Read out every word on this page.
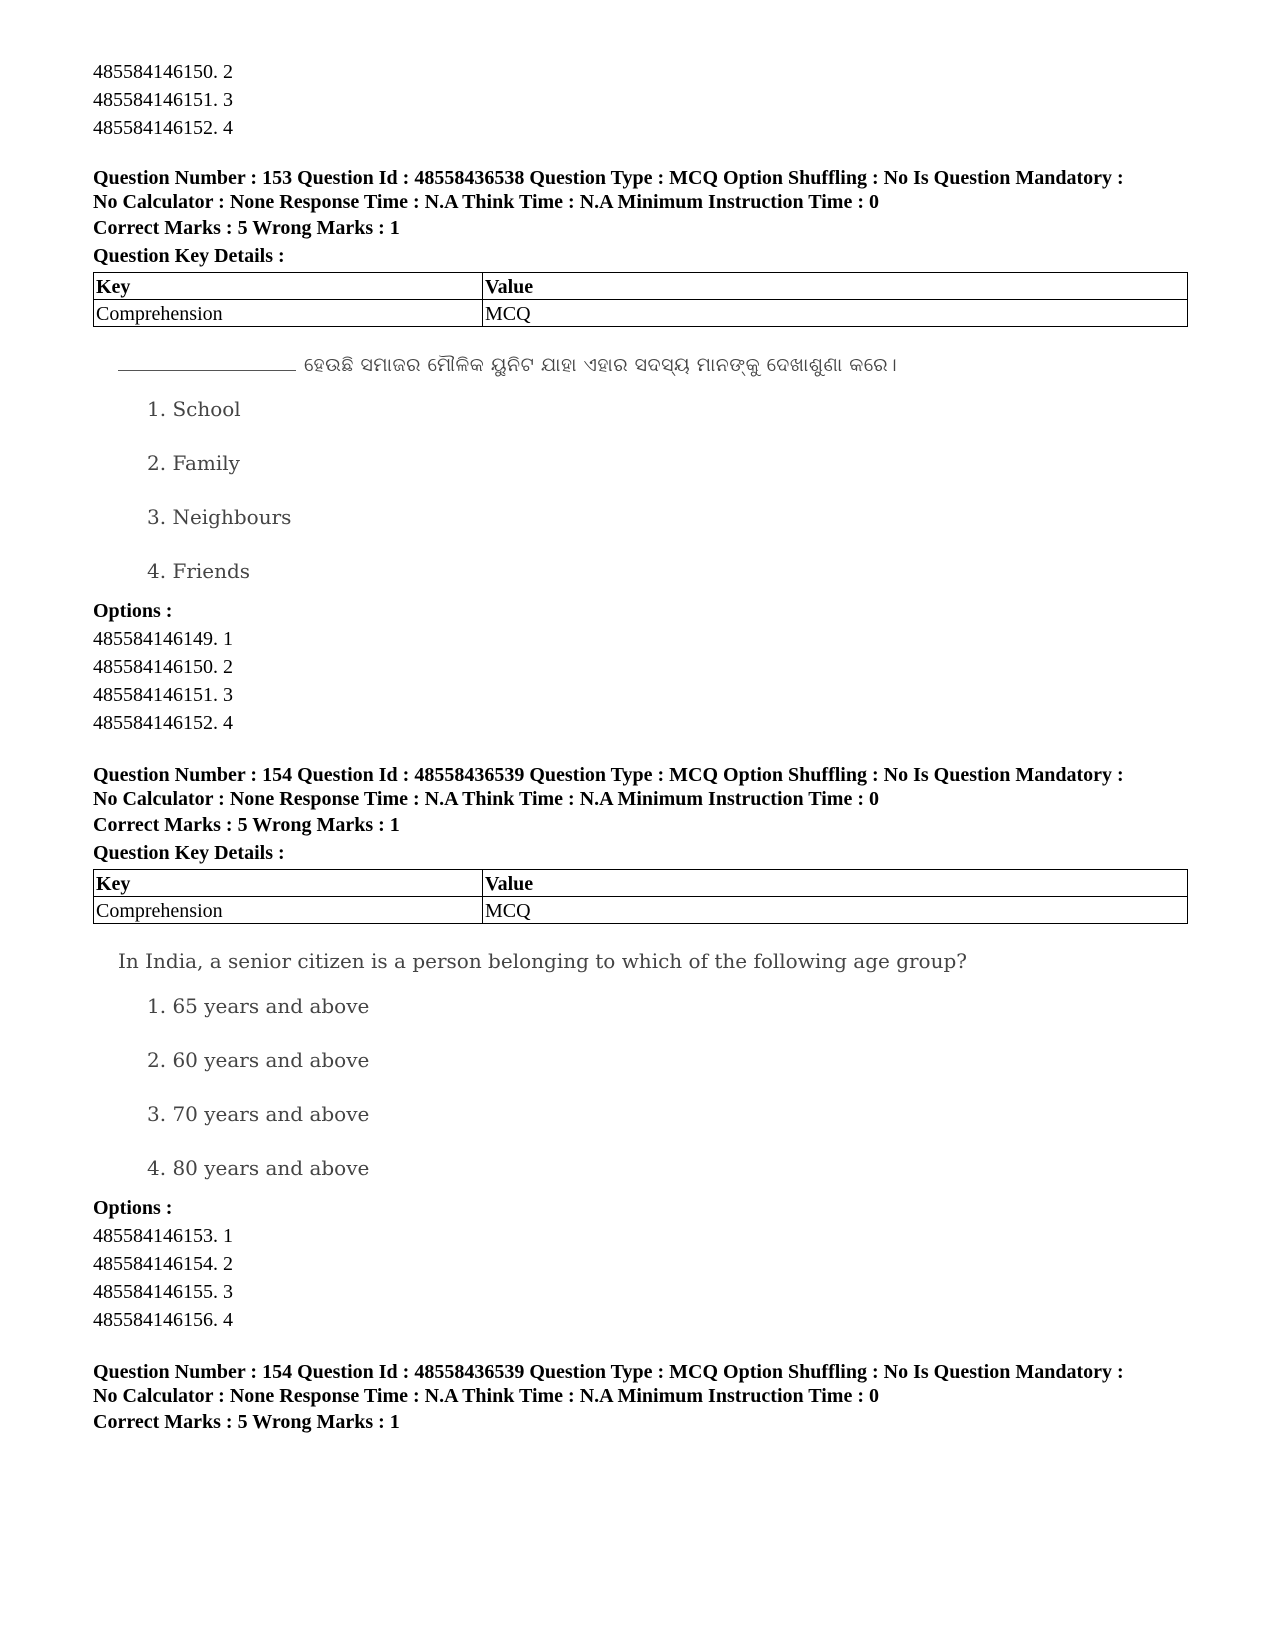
485584146150. 2
485584146151. 3
485584146152. 4
Question Number : 153 Question Id : 48558436538 Question Type : MCQ Option Shuffling : No Is Question Mandatory :
No Calculator : None Response Time : N.A Think Time : N.A Minimum Instruction Time : 0
Correct Marks : 5 Wrong Marks : 1
Question Key Details :
Key	Value
Comprehension	MCQ
ହେଉଛି ସମାଜର ମୌଳିକ ୟୁନିଟ ଯାହା ଏହାର ସଦସ୍ୟ ମାନଙ୍କୁ ଦେଖାଶୁଣା କରେ।
1. School
2. Family
3. Neighbours
4. Friends
Options :
485584146149. 1
485584146150. 2
485584146151. 3
485584146152. 4
Question Number : 154 Question Id : 48558436539 Question Type : MCQ Option Shuffling : No Is Question Mandatory :
No Calculator : None Response Time : N.A Think Time : N.A Minimum Instruction Time : 0
Correct Marks : 5 Wrong Marks : 1
Question Key Details :
Key	Value
Comprehension	MCQ
In India, a senior citizen is a person belonging to which of the following age group?
1. 65 years and above
2. 60 years and above
3. 70 years and above
4. 80 years and above
Options :
485584146153. 1
485584146154. 2
485584146155. 3
485584146156. 4
Question Number : 154 Question Id : 48558436539 Question Type : MCQ Option Shuffling : No Is Question Mandatory :
No Calculator : None Response Time : N.A Think Time : N.A Minimum Instruction Time : 0
Correct Marks : 5 Wrong Marks : 1
